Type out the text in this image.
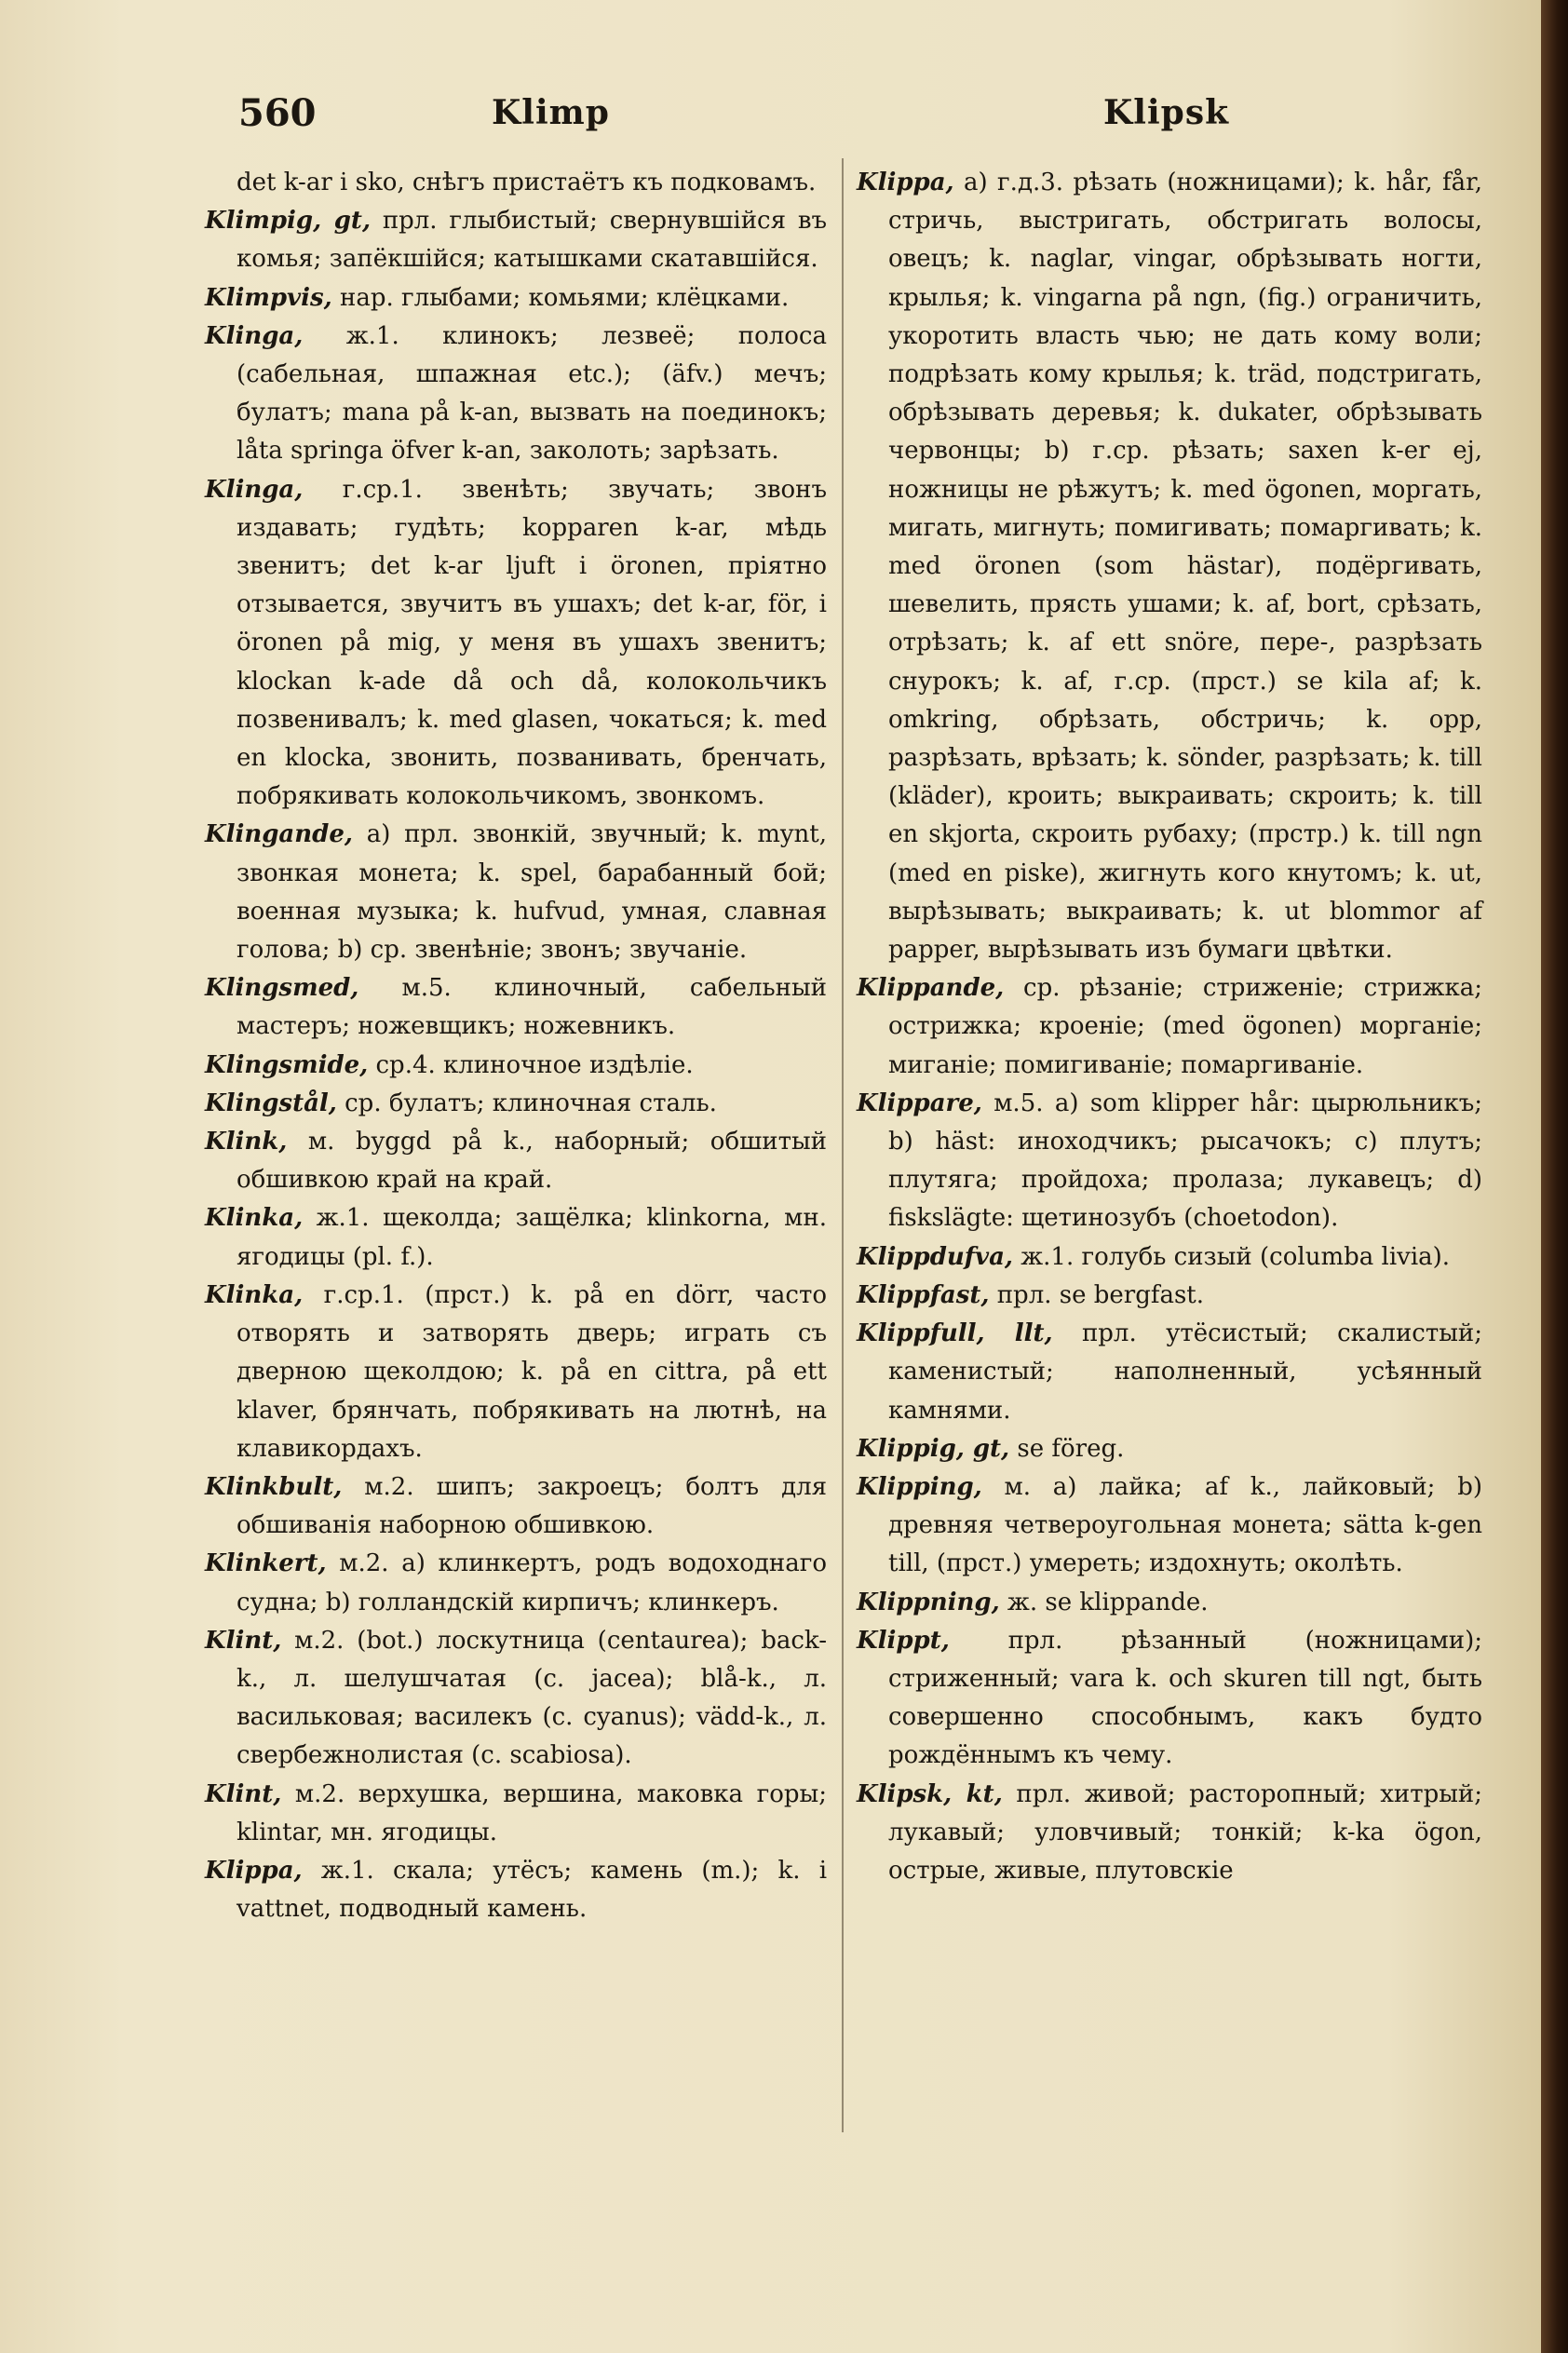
560	Klimp	Klipsk

det k-ar i sko, снѣгъ пристаётъ къ подковамъ.

Klimpig, gt, прл. глыбистый; свернувшійся въ комья; запёкшійся; катышками скатавшійся.

Klimpvis, нар. глыбами; комьями; клёцками.

Klinga, ж.1. клинокъ; лезвеё; полоса (сабельная, шпажная etc.); (äfv.) мечъ; булатъ; mana på k-an, вызвать на поединокъ; låta springa öfver k-an, заколоть; зарѣзать.

Klinga, г.ср.1. звенѣть; звучать; звонъ издавать; гудѣть; kopparen k-ar, мѣдь звенитъ; det k-ar ljuft i öronen, пріятно отзывается, звучитъ въ ушахъ; det k-ar, för, i öronen på mig, у меня въ ушахъ звенитъ; klockan k-ade då och då, колокольчикъ позвенивалъ; k. med glasen, чокаться; k. med en klocka, звонить, позванивать, бренчать, побрякивать колокольчикомъ, звонкомъ.

Klingande, а) прл. звонкій, звучный; k. mynt, звонкая монета; k. spel, барабанный бой; военная музыка; k. hufvud, умная, славная голова; b) ср. звенѣніе; звонъ; звучаніе.

Klingsmed, м.5. клиночный, сабельный мастеръ; ножевщикъ; ножевникъ.

Klingsmide, ср.4. клиночное издѣліе.

Klingstål, ср. булатъ; клиночная сталь.

Klink, м. byggd på k., наборный; обшитый обшивкою край на край.

Klinka, ж.1. щеколда; защёлка; klinkorna, мн. ягодицы (pl. f.).

Klinka, г.ср.1. (прст.) k. på en dörr, часто отворять и затворять дверь; играть съ дверною щеколдою; k. på en cittra, på ett klaver, брянчать, побрякивать на лютнѣ, на клавикордахъ.

Klinkbult, м.2. шипъ; закроецъ; болтъ для обшиванія наборною обшивкою.

Klinkert, м.2. а) клинкертъ, родъ водоходнаго судна; b) голландскій кирпичъ; клинкеръ.

Klint, м.2. (bot.) лоскутница (centaurea); back-k., л. шелушчатая (c. jacea); blå-k., л. васильковая; василекъ (c. cyanus); vädd-k., л. свербежнолистая (c. scabiosa).

Klint, м.2. верхушка, вершина, маковка горы; klintar, мн. ягодицы.

Klippa, ж.1. скала; утёсъ; камень (m.); k. i vattnet, подводный камень.

Klippa, а) г.д.3. рѣзать (ножницами); k. hår, får, стричь, выстригать, обстригать волосы, овецъ; k. naglar, vingar, обрѣзывать ногти, крылья; k. vingarna på ngn, (fig.) ограничить, укоротить власть чью; не дать кому воли; подрѣзать кому крылья; k. träd, подстригать, обрѣзывать деревья; k. dukater, обрѣзывать червонцы; b) г.ср. рѣзать; saxen k-er ej, ножницы не рѣжутъ; k. med ögonen, моргать, мигать, мигнуть; помигивать; помаргивать; k. med öronen (som hästar), подёргивать, шевелить, прясть ушами; k. af, bort, срѣзать, отрѣзать; k. af ett snöre, пере-, разрѣзать снурокъ; k. af, г.ср. (прст.) se kila af; k. omkring, обрѣзать, обстричь; k. opp, разрѣзать, врѣзать; k. sönder, разрѣзать; k. till (kläder), кроить; выкраивать; скроить; k. till en skjorta, скроить рубаху; (прстр.) k. till ngn (med en piske), жигнуть кого кнутомъ; k. ut, вырѣзывать; выкраивать; k. ut blommor af papper, вырѣзывать изъ бумаги цвѣтки.

Klippande, ср. рѣзаніе; стриженіе; стрижка; острижка; кроеніе; (med ögonen) морганіе; миганіе; помигиваніе; помаргиваніе.

Klippare, м.5. а) som klipper hår: цырюльникъ; b) häst: иноходчикъ; рысачокъ; c) плутъ; плутяга; пройдоха; пролаза; лукавецъ; d) fiskslägte: щетинозубъ (choetodon).

Klippdufva, ж.1. голубь сизый (columba livia).

Klippfast, прл. se bergfast.

Klippfull, llt, прл. утёсистый; скалистый; каменистый; наполненный, усѣянный камнями.

Klippig, gt, se föreg.

Klipping, м. а) лайка; af k., лайковый; b) древняя четвероугольная монета; sätta k-gen till, (прст.) умереть; издохнуть; околѣть.

Klippning, ж. se klippande.

Klippt, прл. рѣзанный (ножницами); стриженный; vara k. och skuren till ngt, быть совершенно способнымъ, какъ будто рождённымъ къ чему.

Klipsk, kt, прл. живой; расторопный; хитрый; лукавый; уловчивый; тонкій; k-ka ögon, острые, живые, плутовскіе
